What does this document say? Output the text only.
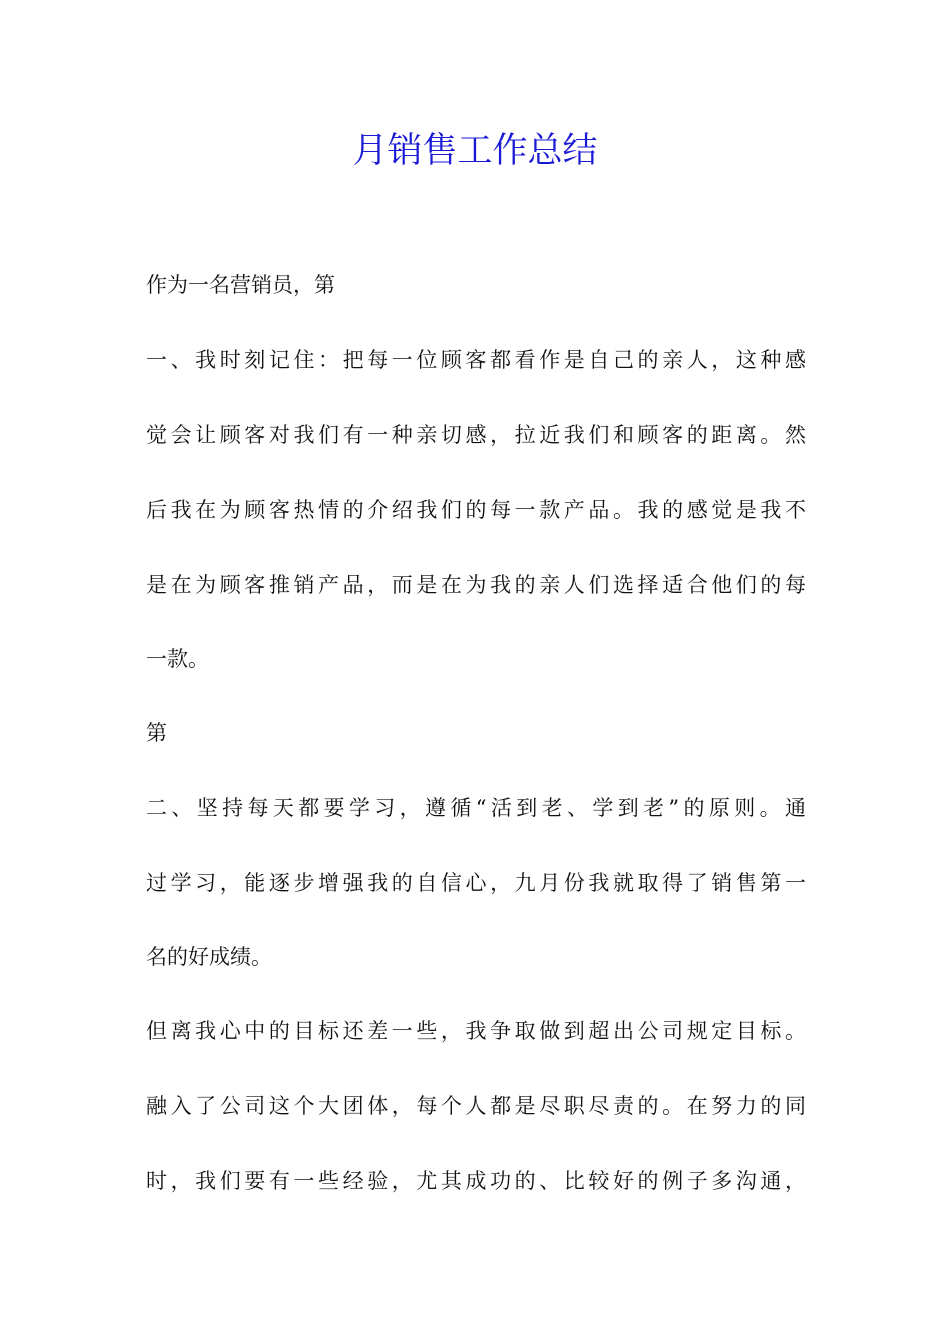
月销售工作总结

作为一名营销员，第

一、我时刻记住：把每一位顾客都看作是自己的亲人，这种感

觉会让顾客对我们有一种亲切感，拉近我们和顾客的距离。然

后我在为顾客热情的介绍我们的每一款产品。我的感觉是我不

是在为顾客推销产品，而是在为我的亲人们选择适合他们的每

一款。

第

二、坚持每天都要学习，遵循“活到老、学到老”的原则。通

过学习，能逐步增强我的自信心，九月份我就取得了销售第一

名的好成绩。

但离我心中的目标还差一些，我争取做到超出公司规定目标。

融入了公司这个大团体，每个人都是尽职尽责的。在努力的同

时，我们要有一些经验，尤其成功的、比较好的例子多沟通，
